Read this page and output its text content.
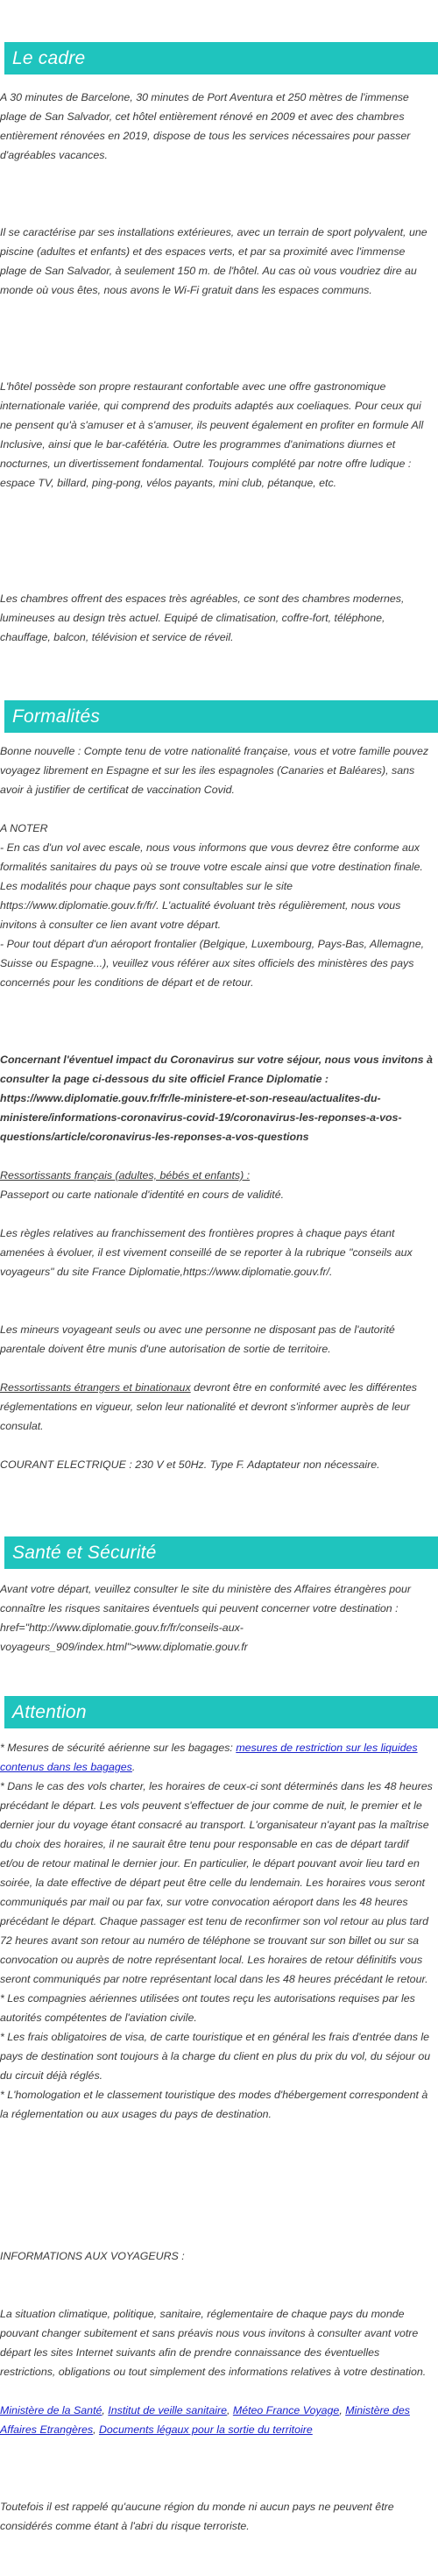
Le cadre

A 30 minutes de Barcelone, 30 minutes de Port Aventura et 250 mètres de l'immense plage de San Salvador, cet hôtel entièrement rénové en 2009 et avec des chambres entièrement rénovées en 2019, dispose de tous les services nécessaires pour passer d'agréables vacances.

Il se caractérise par ses installations extérieures, avec un terrain de sport polyvalent, une piscine (adultes et enfants) et des espaces verts, et par sa proximité avec l'immense plage de San Salvador, à seulement 150 m. de l'hôtel. Au cas où vous voudriez dire au monde où vous êtes, nous avons le Wi-Fi gratuit dans les espaces communs.

L'hôtel possède son propre restaurant confortable avec une offre gastronomique internationale variée, qui comprend des produits adaptés aux coeliaques. Pour ceux qui ne pensent qu'à s'amuser et à s'amuser, ils peuvent également en profiter en formule All Inclusive, ainsi que le bar-cafétéria. Outre les programmes d'animations diurnes et nocturnes, un divertissement fondamental. Toujours complété par notre offre ludique : espace TV, billard, ping-pong, vélos payants, mini club, pétanque, etc.

Les chambres offrent des espaces très agréables, ce sont des chambres modernes, lumineuses au design très actuel. Equipé de climatisation, coffre-fort, téléphone, chauffage, balcon, télévision et service de réveil.

Formalités

Bonne nouvelle : Compte tenu de votre nationalité française, vous et votre famille pouvez voyagez librement en Espagne et sur les iles espagnoles (Canaries et Baléares), sans avoir à justifier de certificat de vaccination Covid.

A NOTER

- En cas d'un vol avec escale, nous vous informons que vous devrez être conforme aux formalités sanitaires du pays où se trouve votre escale ainsi que votre destination finale.

Les modalités pour chaque pays sont consultables sur le site https://www.diplomatie.gouv.fr/fr/. L'actualité évoluant très régulièrement, nous vous invitons à consulter ce lien avant votre départ.

- Pour tout départ d'un aéroport frontalier (Belgique, Luxembourg, Pays-Bas, Allemagne, Suisse ou Espagne...), veuillez vous référer aux sites officiels des ministères des pays concernés pour les conditions de départ et de retour.

Concernant l'éventuel impact du Coronavirus sur votre séjour, nous vous invitons à consulter la page ci-dessous du site officiel France Diplomatie : https://www.diplomatie.gouv.fr/fr/le-ministere-et-son-reseau/actualites-du-ministere/informations-coronavirus-covid-19/coronavirus-les-reponses-a-vos-questions/article/coronavirus-les-reponses-a-vos-questions

Ressortissants français (adultes, bébés et enfants) :

Passeport ou carte nationale d'identité en cours de validité.

Les règles relatives au franchissement des frontières propres à chaque pays étant amenées à évoluer, il est vivement conseillé de se reporter à la rubrique "conseils aux voyageurs" du site France Diplomatie,https://www.diplomatie.gouv.fr/.

Les mineurs voyageant seuls ou avec une personne ne disposant pas de l'autorité parentale doivent être munis d'une autorisation de sortie de territoire.

Ressortissants étrangers et binationaux devront être en conformité avec les différentes réglementations en vigueur, selon leur nationalité et devront s'informer auprès de leur consulat.

COURANT ELECTRIQUE : 230 V et 50Hz. Type F. Adaptateur non nécessaire.

Santé et Sécurité

Avant votre départ, veuillez consulter le site du ministère des Affaires étrangères pour connaître les risques sanitaires éventuels qui peuvent concerner votre destination : href="http://www.diplomatie.gouv.fr/fr/conseils-aux-voyageurs_909/index.html">www.diplomatie.gouv.fr

Attention

* Mesures de sécurité aérienne sur les bagages: mesures de restriction sur les liquides contenus dans les bagages.

* Dans le cas des vols charter, les horaires de ceux-ci sont déterminés dans les 48 heures précédant le départ. Les vols peuvent s'effectuer de jour comme de nuit, le premier et le dernier jour du voyage étant consacré au transport. L'organisateur n'ayant pas la maîtrise du choix des horaires, il ne saurait être tenu pour responsable en cas de départ tardif et/ou de retour matinal le dernier jour. En particulier, le départ pouvant avoir lieu tard en soirée, la date effective de départ peut être celle du lendemain. Les horaires vous seront communiqués par mail ou par fax, sur votre convocation aéroport dans les 48 heures précédant le départ. Chaque passager est tenu de reconfirmer son vol retour au plus tard 72 heures avant son retour au numéro de téléphone se trouvant sur son billet ou sur sa convocation ou auprès de notre représentant local. Les horaires de retour définitifs vous seront communiqués par notre représentant local dans les 48 heures précédant le retour.

* Les compagnies aériennes utilisées ont toutes reçu les autorisations requises par les autorités compétentes de l'aviation civile.

* Les frais obligatoires de visa, de carte touristique et en général les frais d'entrée dans le pays de destination sont toujours à la charge du client en plus du prix du vol, du séjour ou du circuit déjà réglés.

* L'homologation et le classement touristique des modes d'hébergement correspondent à la réglementation ou aux usages du pays de destination.

INFORMATIONS AUX VOYAGEURS :

La situation climatique, politique, sanitaire, réglementaire de chaque pays du monde pouvant changer subitement et sans préavis nous vous invitons à consulter avant votre départ les sites Internet suivants afin de prendre connaissance des éventuelles restrictions, obligations ou tout simplement des informations relatives à votre destination.

Ministère de la Santé, Institut de veille sanitaire, Méteo France Voyage, Ministère des Affaires Etrangères, Documents légaux pour la sortie du territoire

Toutefois il est rappelé qu'aucune région du monde ni aucun pays ne peuvent être considérés comme étant à l'abri du risque terroriste.
